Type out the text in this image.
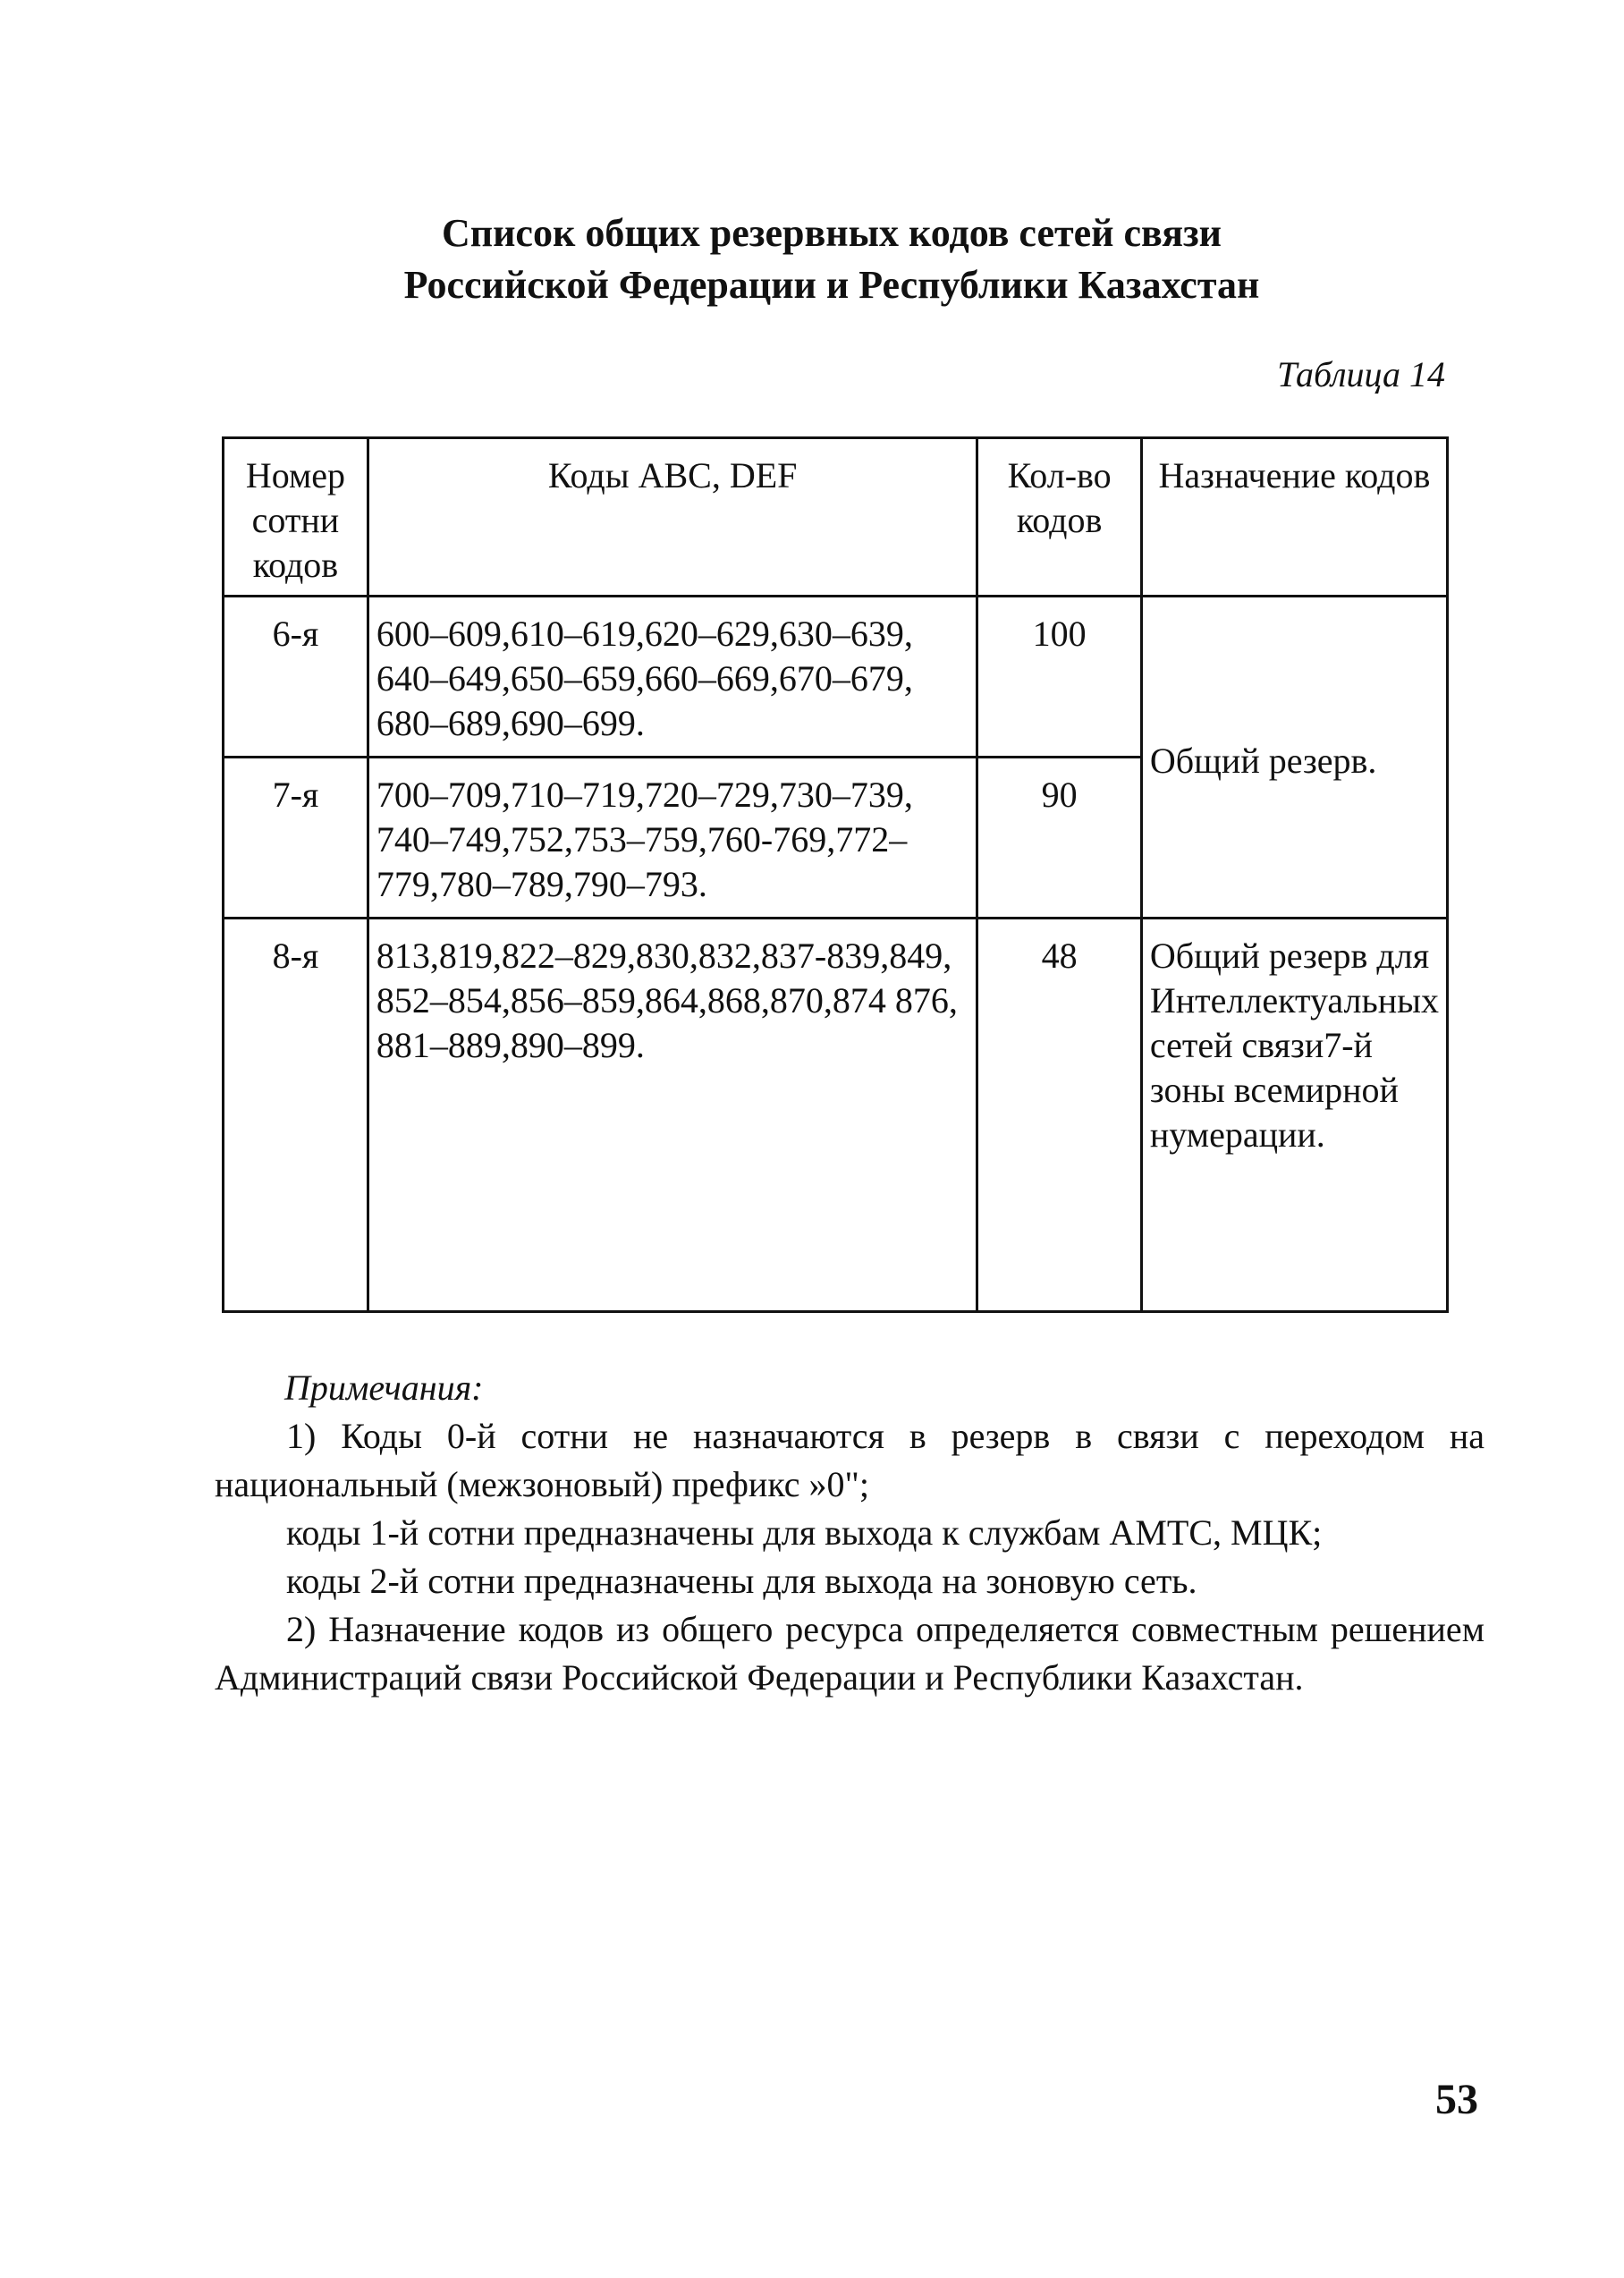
Список общих резервных кодов сетей связи
Российской Федерации и Республики Казахстан
Таблица 14
Номер сотни кодов	Коды АВС, DEF	Кол-во кодов	Назначение кодов
6-я	600–609,610–619,620–629,630–639, 640–649,650–659,660–669,670–679, 680–689,690–699.	100	Общий резерв.
7-я	700–709,710–719,720–729,730–739, 740–749,752,753–759,760-769,772–779,780–789,790–793.	90	
8-я	813,819,822–829,830,832,837-839,849, 852–854,856–859,864,868,870,874 876, 881–889,890–899.	48	Общий резерв для Интеллектуальных сетей связи7-й зоны всемирной нумерации.
Примечания:

1) Коды 0-й сотни не назначаются в резерв в связи с переходом на национальный (межзоновый) префикс »0";

коды 1-й сотни предназначены для выхода к службам АМТС, МЦК;

коды 2-й сотни предназначены для выхода на зоновую сеть.

2) Назначение кодов из общего ресурса определяется совместным решением Администраций связи Российской Федерации и Республики Казахстан.

53
